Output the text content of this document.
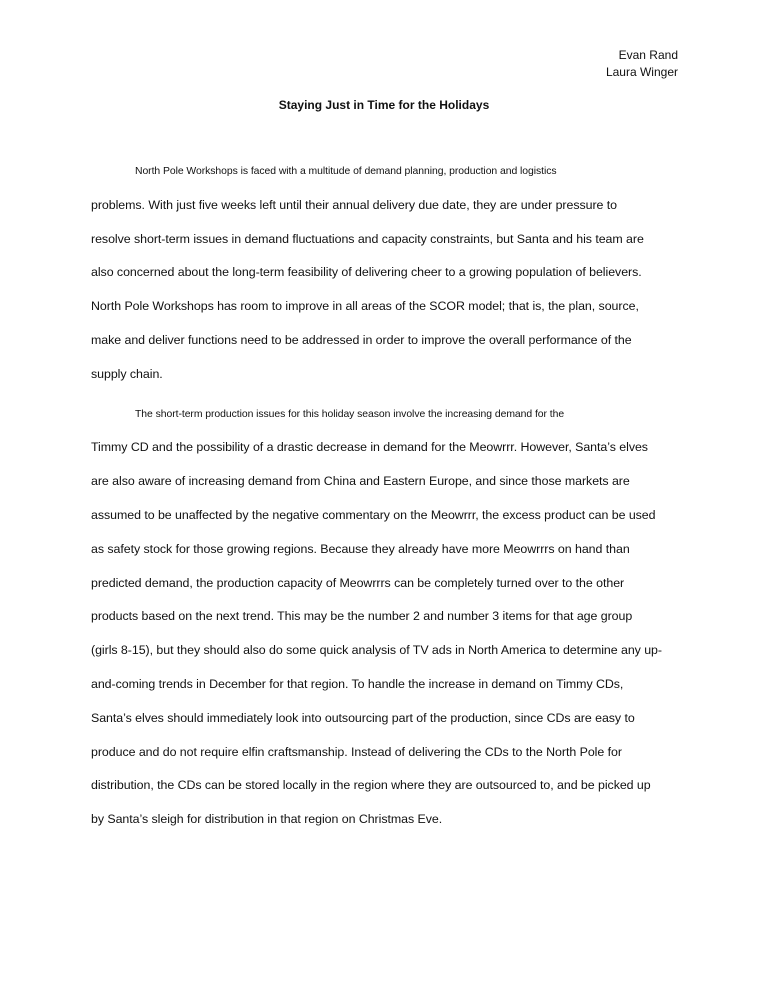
Evan Rand
Laura Winger
Staying Just in Time for the Holidays
North Pole Workshops is faced with a multitude of demand planning, production and logistics
problems. With just five weeks left until their annual delivery due date, they are under pressure to
resolve short-term issues in demand fluctuations and capacity constraints, but Santa and his team are
also concerned about the long-term feasibility of delivering cheer to a growing population of believers.
North Pole Workshops has room to improve in all areas of the SCOR model; that is, the plan, source,
make and deliver functions need to be addressed in order to improve the overall performance of the
supply chain.
The short-term production issues for this holiday season involve the increasing demand for the
Timmy CD and the possibility of a drastic decrease in demand for the Meowrrr. However, Santa’s elves
are also aware of increasing demand from China and Eastern Europe, and since those markets are
assumed to be unaffected by the negative commentary on the Meowrrr, the excess product can be used
as safety stock for those growing regions. Because they already have more Meowrrrs on hand than
predicted demand, the production capacity of Meowrrrs can be completely turned over to the other
products based on the next trend. This may be the number 2 and number 3 items for that age group
(girls 8-15), but they should also do some quick analysis of TV ads in North America to determine any up-
and-coming trends in December for that region. To handle the increase in demand on Timmy CDs,
Santa’s elves should immediately look into outsourcing part of the production, since CDs are easy to
produce and do not require elfin craftsmanship. Instead of delivering the CDs to the North Pole for
distribution, the CDs can be stored locally in the region where they are outsourced to, and be picked up
by Santa’s sleigh for distribution in that region on Christmas Eve.
